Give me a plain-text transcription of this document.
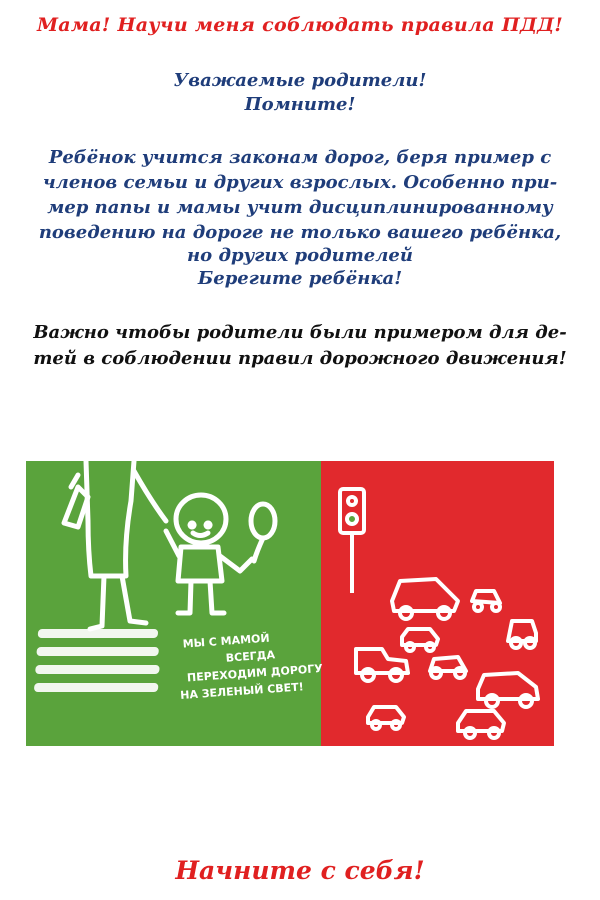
Мама! Научи меня соблюдать правила ПДД!
Уважаемые родители!
Помните!
Ребёнок учится законам дорог, беря пример с
членов семьи и других взрослых. Особенно при-
мер папы и мамы учит дисциплинированному
поведению на дороге не только вашего ребёнка,
но других родителей
Берегите ребёнка!
Важно чтобы родители были примером для де-
тей в соблюдении правил дорожного движения!
МЫ С МАМОЙ
ВСЕГДА
ПЕРЕХОДИМ ДОРОГУ
НА ЗЕЛЕНЫЙ СВЕТ!
Начните с себя!
